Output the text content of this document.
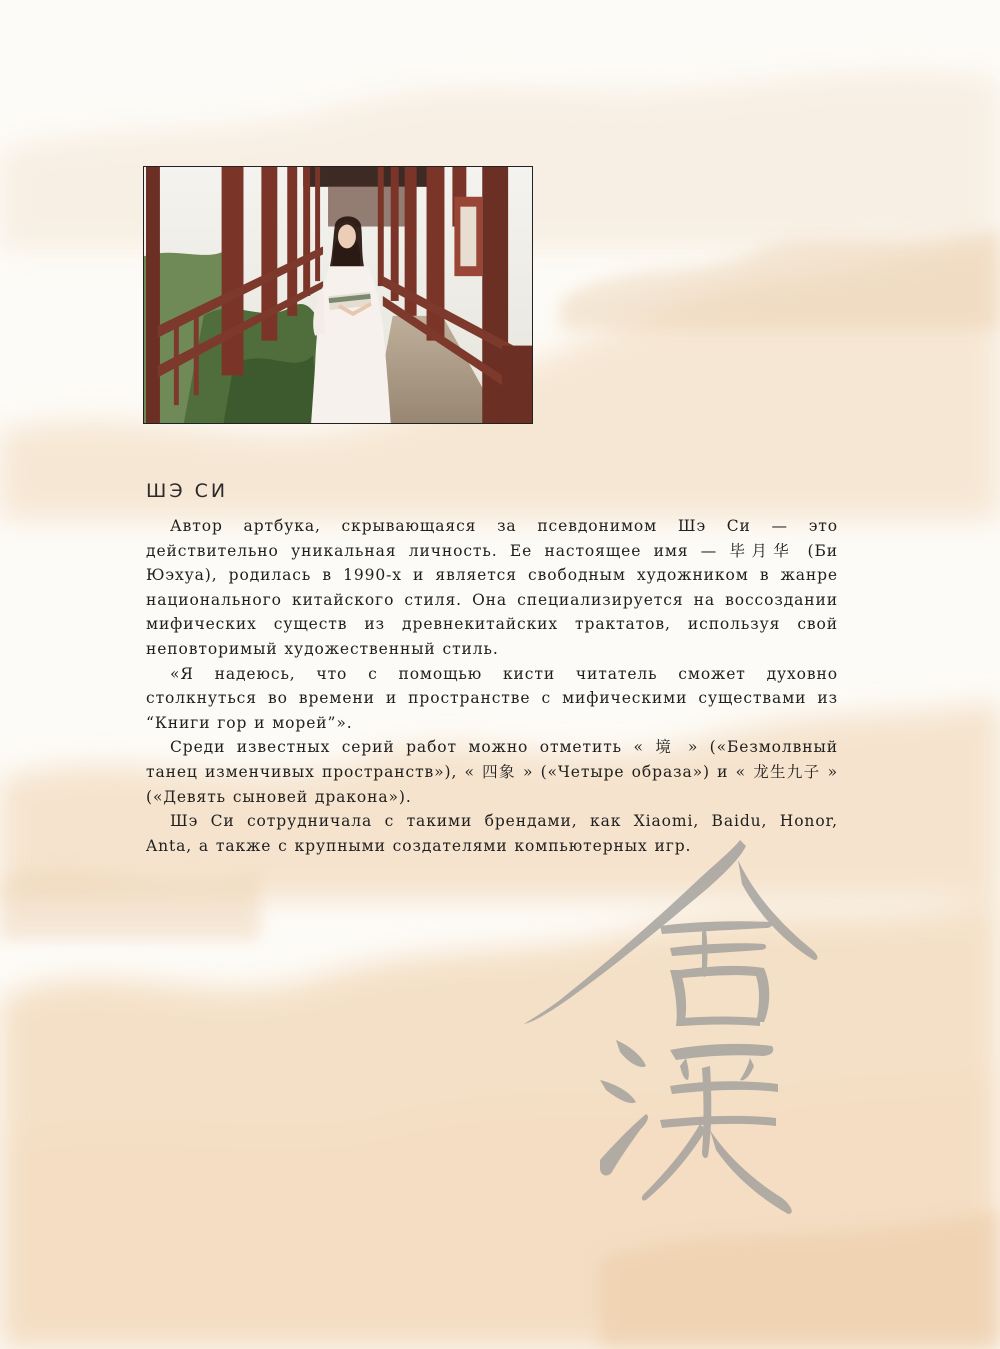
ШЭ СИ

Автор артбука, скрывающаяся за псевдонимом Шэ Си — это действительно уникальная личность. Ее настоящее имя — 毕月华 (Би Юэхуа), родилась в 1990-х и является свободным художником в жанре национального китайского стиля. Она специализируется на воссоздании мифических существ из древнекитайских трактатов, используя свой неповторимый художественный стиль.

«Я надеюсь, что с помощью кисти читатель сможет духовно столкнуться во времени и пространстве с мифическими существами из “Книги гор и морей”».

Среди известных серий работ можно отметить « 境 » («Безмолвный танец изменчивых пространств»), « 四象 » («Четыре образа») и « 龙生九子 » («Девять сыновей дракона»).

Шэ Си сотрудничала с такими брендами, как Xiaomi, Baidu, Honor, Anta, а также с крупными создателями компьютерных игр.
